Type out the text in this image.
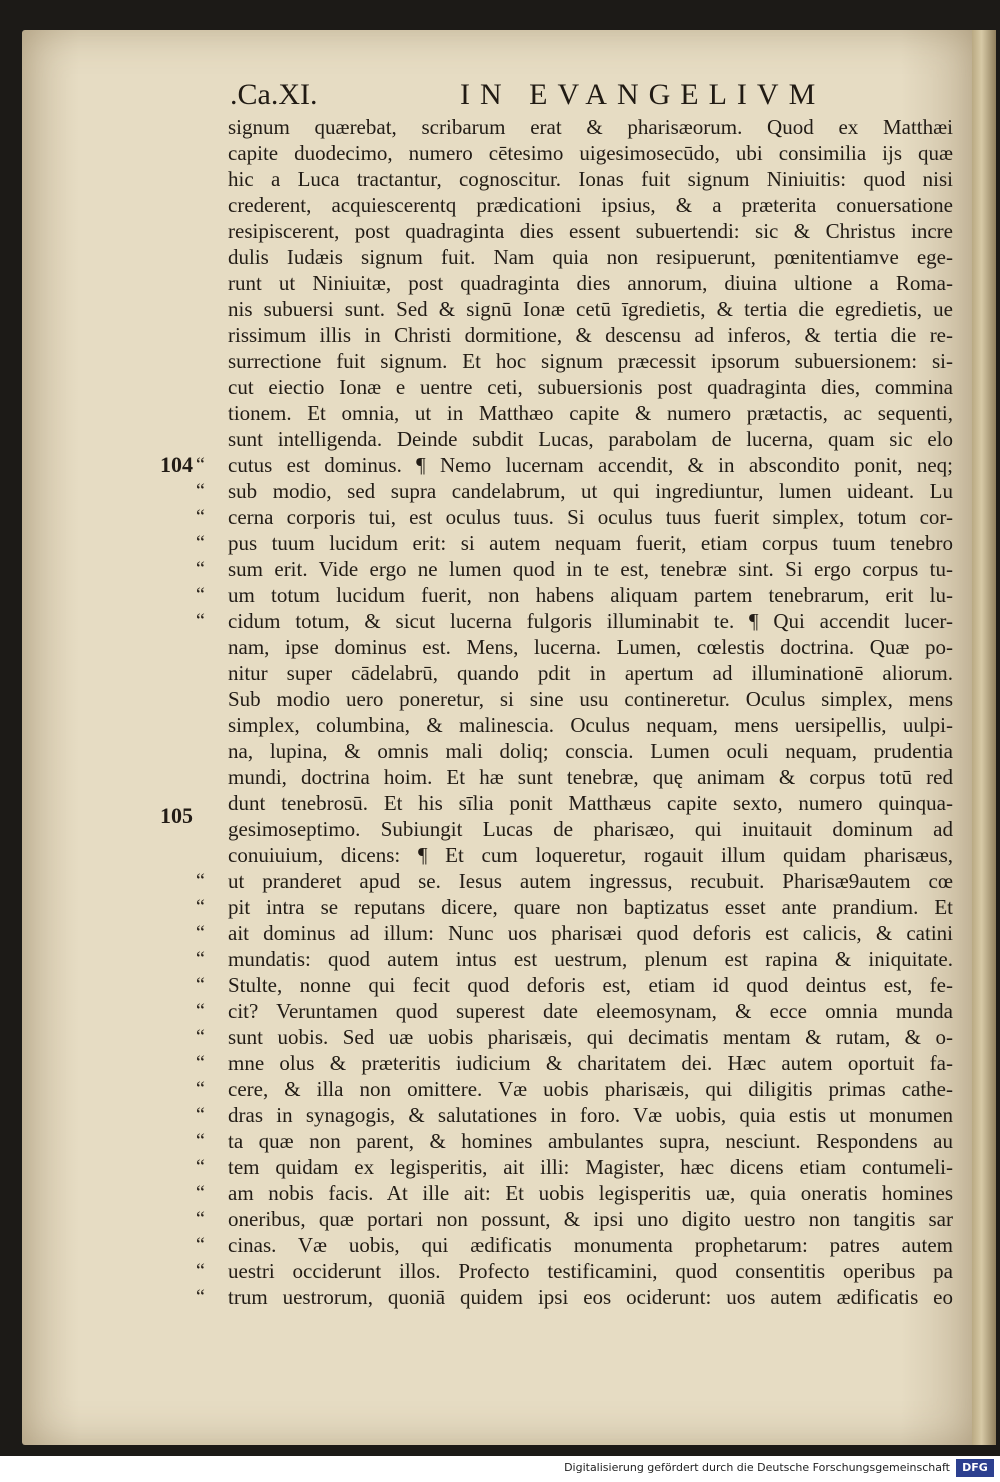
.Ca.XI.	IN EVANGELIVM
104
105
“
“
“
“
“
“
“
“
“
“
“
“
“
“
“
“
“
“
“
“
“
“
“
“
signum quærebat, scribarum erat & pharisæorum. Quod ex Matthæi
capite duodecimo, numero cētesimo uigesimosecūdo, ubi consimilia ijs quæ
hic a Luca tractantur, cognoscitur. Ionas fuit signum Niniuitis: quod nisi
crederent, acquiescerentq prædicationi ipsius, & a præterita conuersatione
resipiscerent, post quadraginta dies essent subuertendi: sic & Christus incre
dulis Iudæis signum fuit. Nam quia non resipuerunt, pœnitentiamve ege-
runt ut Niniuitæ, post quadraginta dies annorum, diuina ultione a Roma-
nis subuersi sunt. Sed & signū Ionæ cetū īgredietis, & tertia die egredietis, ue
rissimum illis in Christi dormitione, & descensu ad inferos, & tertia die re-
surrectione fuit signum. Et hoc signum præcessit ipsorum subuersionem: si-
cut eiectio Ionæ e uentre ceti, subuersionis post quadraginta dies, commina
tionem. Et omnia, ut in Matthæo capite & numero prætactis, ac sequenti,
sunt intelligenda. Deinde subdit Lucas, parabolam de lucerna, quam sic elo
cutus est dominus. ¶ Nemo lucernam accendit, & in abscondito ponit, neq;
sub modio, sed supra candelabrum, ut qui ingrediuntur, lumen uideant. Lu
cerna corporis tui, est oculus tuus. Si oculus tuus fuerit simplex, totum cor-
pus tuum lucidum erit: si autem nequam fuerit, etiam corpus tuum tenebro
sum erit. Vide ergo ne lumen quod in te est, tenebræ sint. Si ergo corpus tu-
um totum lucidum fuerit, non habens aliquam partem tenebrarum, erit lu-
cidum totum, & sicut lucerna fulgoris illuminabit te. ¶ Qui accendit lucer-
nam, ipse dominus est. Mens, lucerna. Lumen, cœlestis doctrina. Quæ po-
nitur super cādelabrū, quando pdit in apertum ad illuminationē aliorum.
Sub modio uero poneretur, si sine usu contineretur. Oculus simplex, mens
simplex, columbina, & malinescia. Oculus nequam, mens uersipellis, uulpi-
na, lupina, & omnis mali doliq; conscia. Lumen oculi nequam, prudentia
mundi, doctrina hoim. Et hæ sunt tenebræ, quę animam & corpus totū red
dunt tenebrosū. Et his sīlia ponit Matthæus capite sexto, numero quinqua-
gesimoseptimo. Subiungit Lucas de pharisæo, qui inuitauit dominum ad
conuiuium, dicens: ¶ Et cum loqueretur, rogauit illum quidam pharisæus,
ut pranderet apud se. Iesus autem ingressus, recubuit. Pharisæ9autem cœ
pit intra se reputans dicere, quare non baptizatus esset ante prandium. Et
ait dominus ad illum: Nunc uos pharisæi quod deforis est calicis, & catini
mundatis: quod autem intus est uestrum, plenum est rapina & iniquitate.
Stulte, nonne qui fecit quod deforis est, etiam id quod deintus est, fe-
cit? Veruntamen quod superest date eleemosynam, & ecce omnia munda
sunt uobis. Sed uæ uobis pharisæis, qui decimatis mentam & rutam, & o-
mne olus & præteritis iudicium & charitatem dei. Hæc autem oportuit fa-
cere, & illa non omittere. Væ uobis pharisæis, qui diligitis primas cathe-
dras in synagogis, & salutationes in foro. Væ uobis, quia estis ut monumen
ta quæ non parent, & homines ambulantes supra, nesciunt. Respondens au
tem quidam ex legisperitis, ait illi: Magister, hæc dicens etiam contumeli-
am nobis facis. At ille ait: Et uobis legisperitis uæ, quia oneratis homines
oneribus, quæ portari non possunt, & ipsi uno digito uestro non tangitis sar
cinas. Væ uobis, qui ædificatis monumenta prophetarum: patres autem
uestri occiderunt illos. Profecto testificamini, quod consentitis operibus pa
trum uestrorum, quoniā quidem ipsi eos ociderunt: uos autem ædificatis eo
Digitalisierung gefördert durch die Deutsche Forschungsgemeinschaft	DFG
